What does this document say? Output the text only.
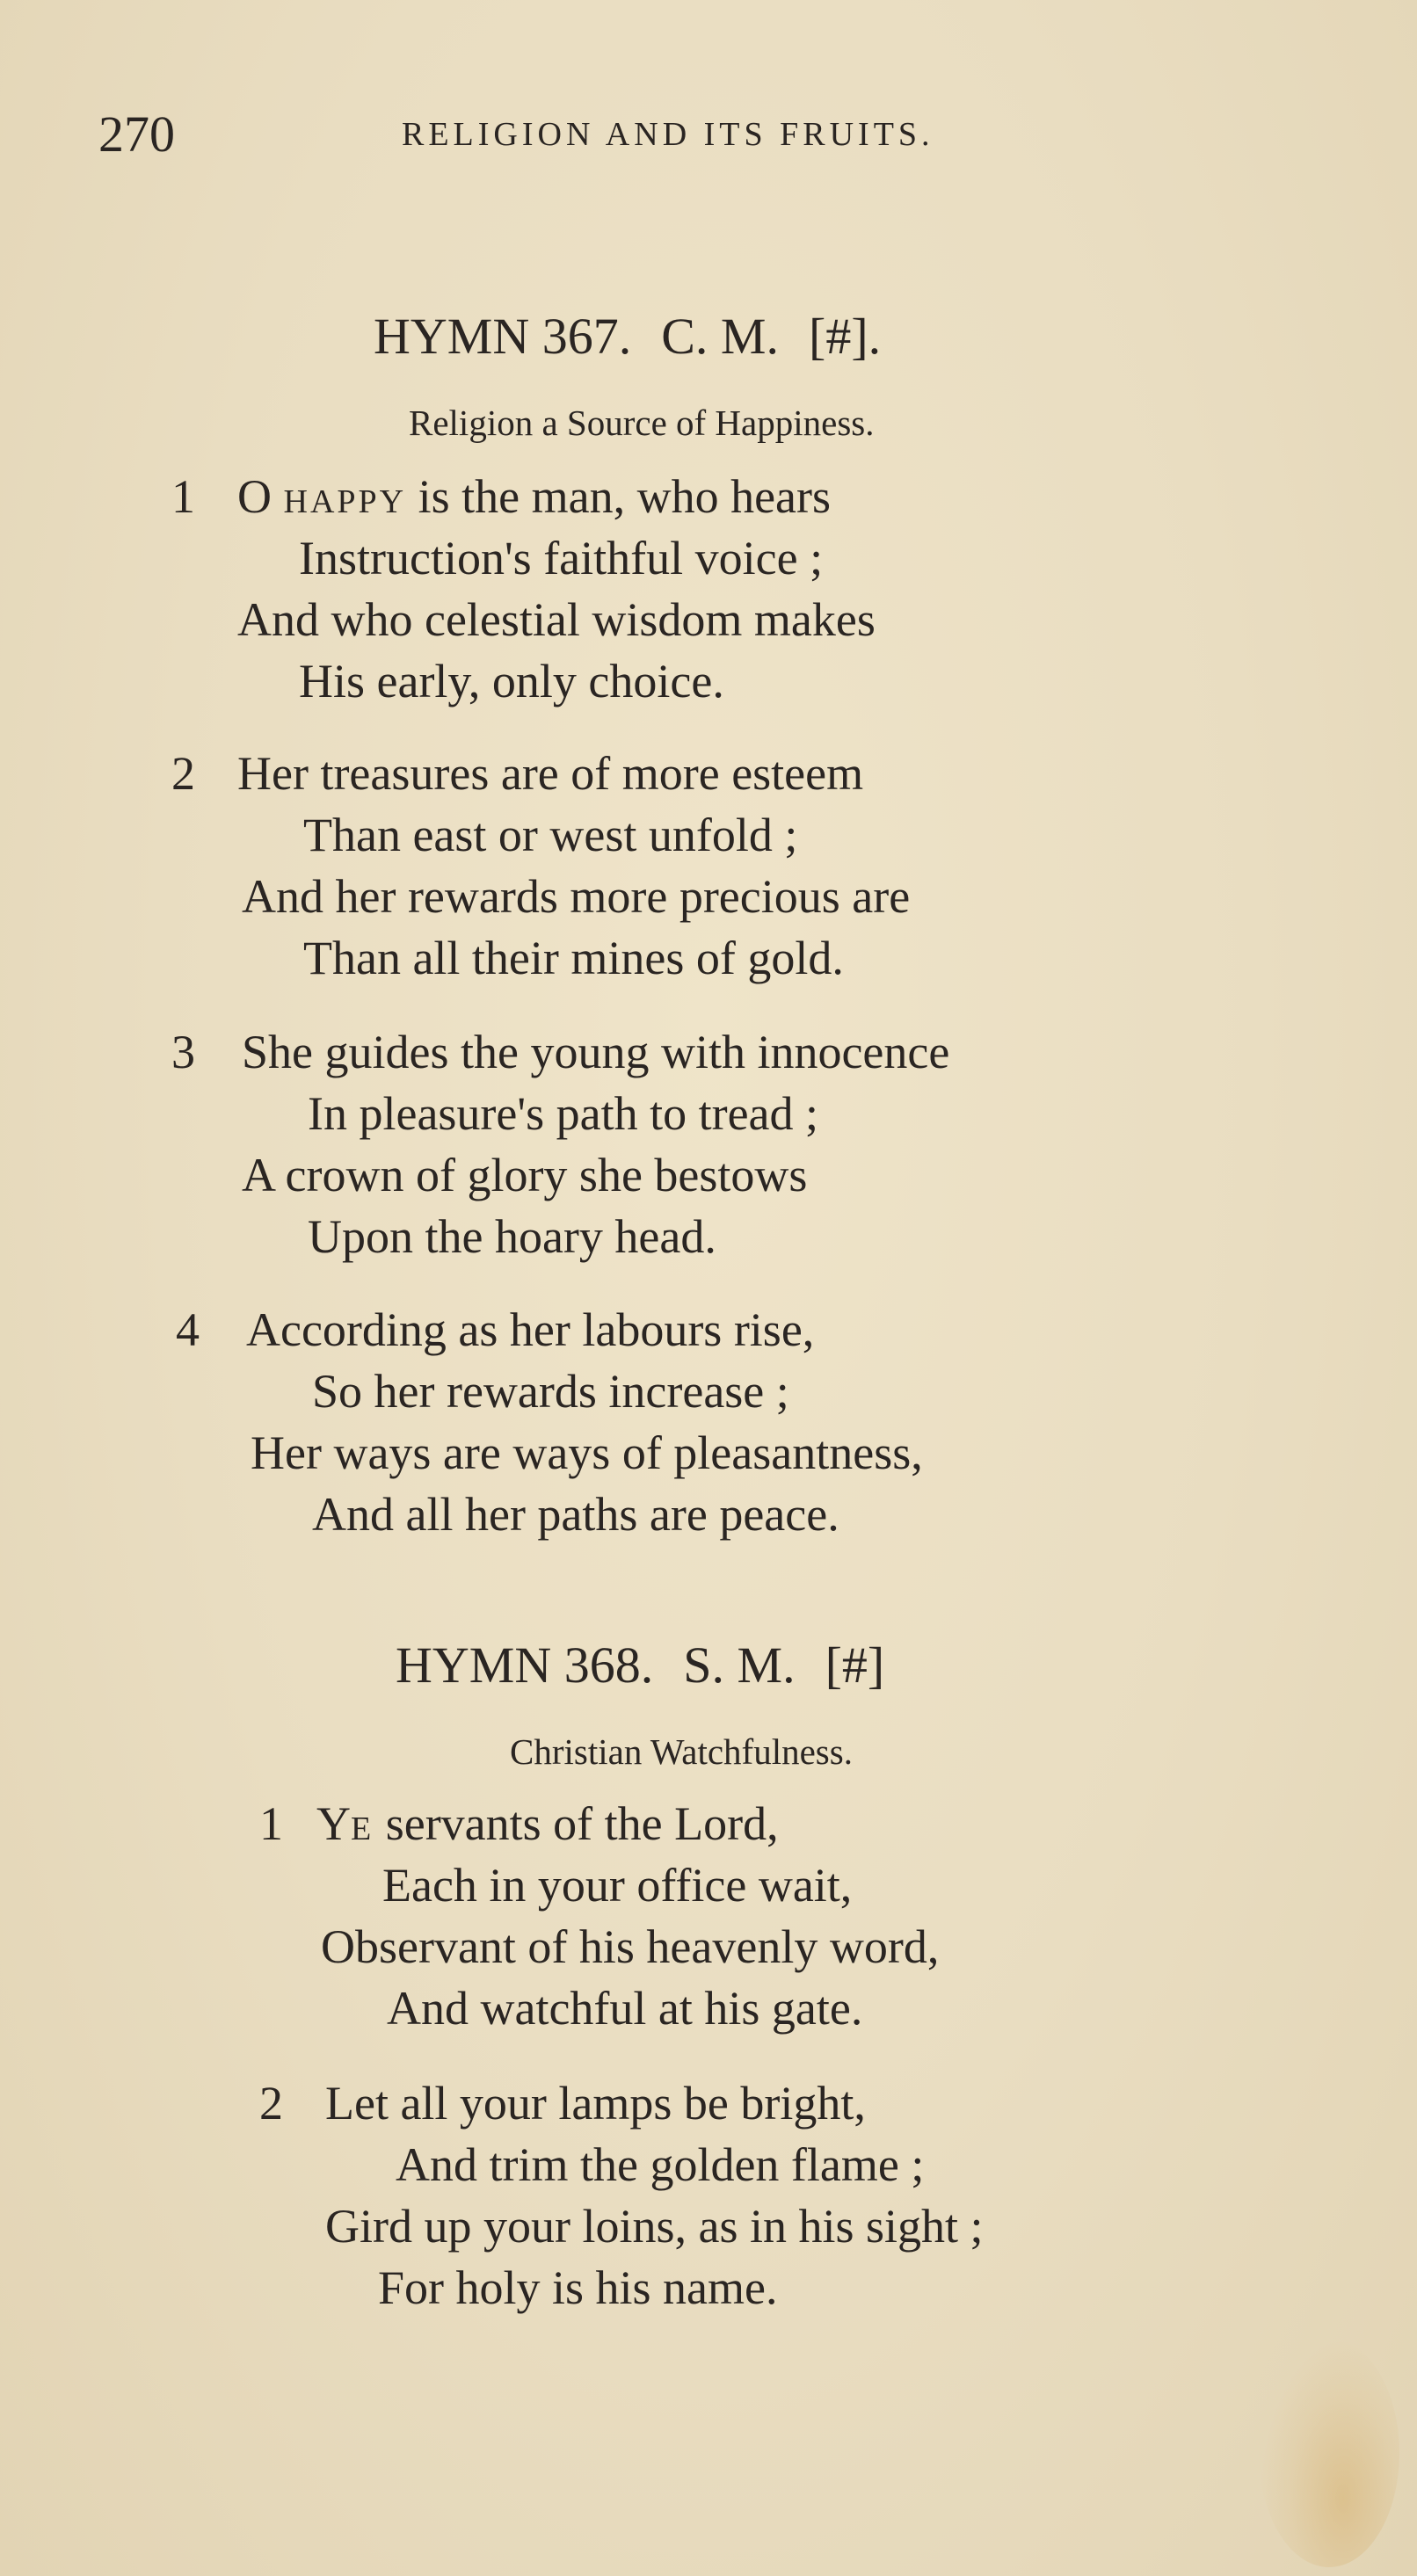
270	RELIGION AND ITS FRUITS.
HYMN 367. C. M. [#].
Religion a Source of Happiness.
1 O happy is the man, who hears
Instruction's faithful voice ;
And who celestial wisdom makes
His early, only choice.
2 Her treasures are of more esteem
Than east or west unfold ;
And her rewards more precious are
Than all their mines of gold.
3 She guides the young with innocence
In pleasure's path to tread ;
A crown of glory she bestows
Upon the hoary head.
4 According as her labours rise,
So her rewards increase ;
Her ways are ways of pleasantness,
And all her paths are peace.
HYMN 368. S. M. [#]
Christian Watchfulness.
1 Ye servants of the Lord,
Each in your office wait,
Observant of his heavenly word,
And watchful at his gate.
2 Let all your lamps be bright,
And trim the golden flame ;
Gird up your loins, as in his sight ;
For holy is his name.
